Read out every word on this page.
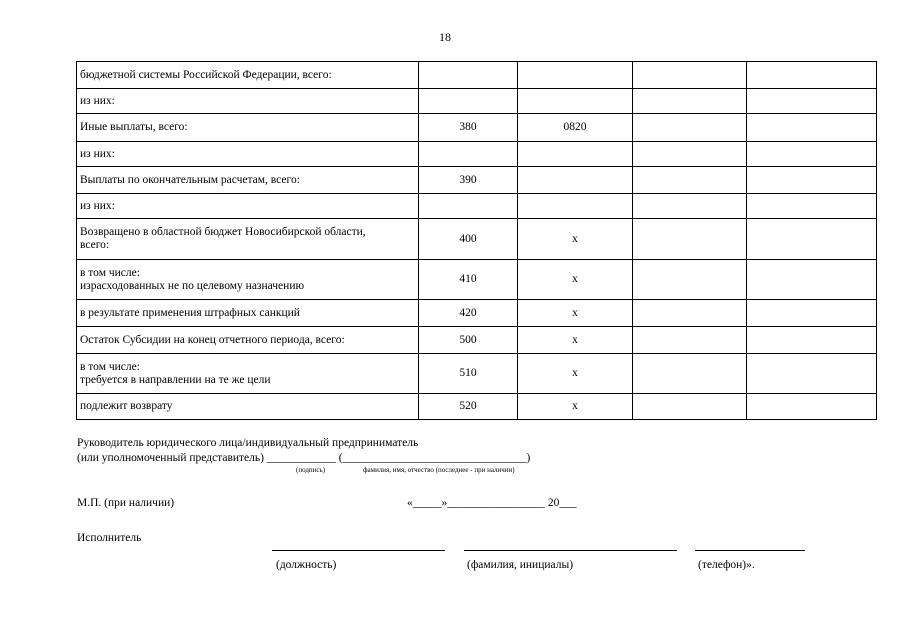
18
бюджетной системы Российской Федерации, всего:				
из них:				
Иные выплаты, всего:	380	0820		
из них:				
Выплаты по окончательным расчетам, всего:	390			
из них:				
Возвращено в областной бюджет Новосибирской области,
всего:	400	x		
в том числе:
израсходованных не по целевому назначению	410	x		
в результате применения штрафных санкций	420	x		
Остаток Субсидии на конец отчетного периода, всего:	500	x		
в том числе:
требуется в направлении на те же цели	510	x		
подлежит возврату	520	x		
Руководитель юридического лица/индивидуальный предприниматель
(или уполномоченный представитель) ____________ (________________________________)
(подпись)	фамилия, имя, отчество (последнее - при наличии)
М.П. (при наличии)	«_____»_________________ 20___
Исполнитель
(должность)	(фамилия, инициалы)	(телефон)».
